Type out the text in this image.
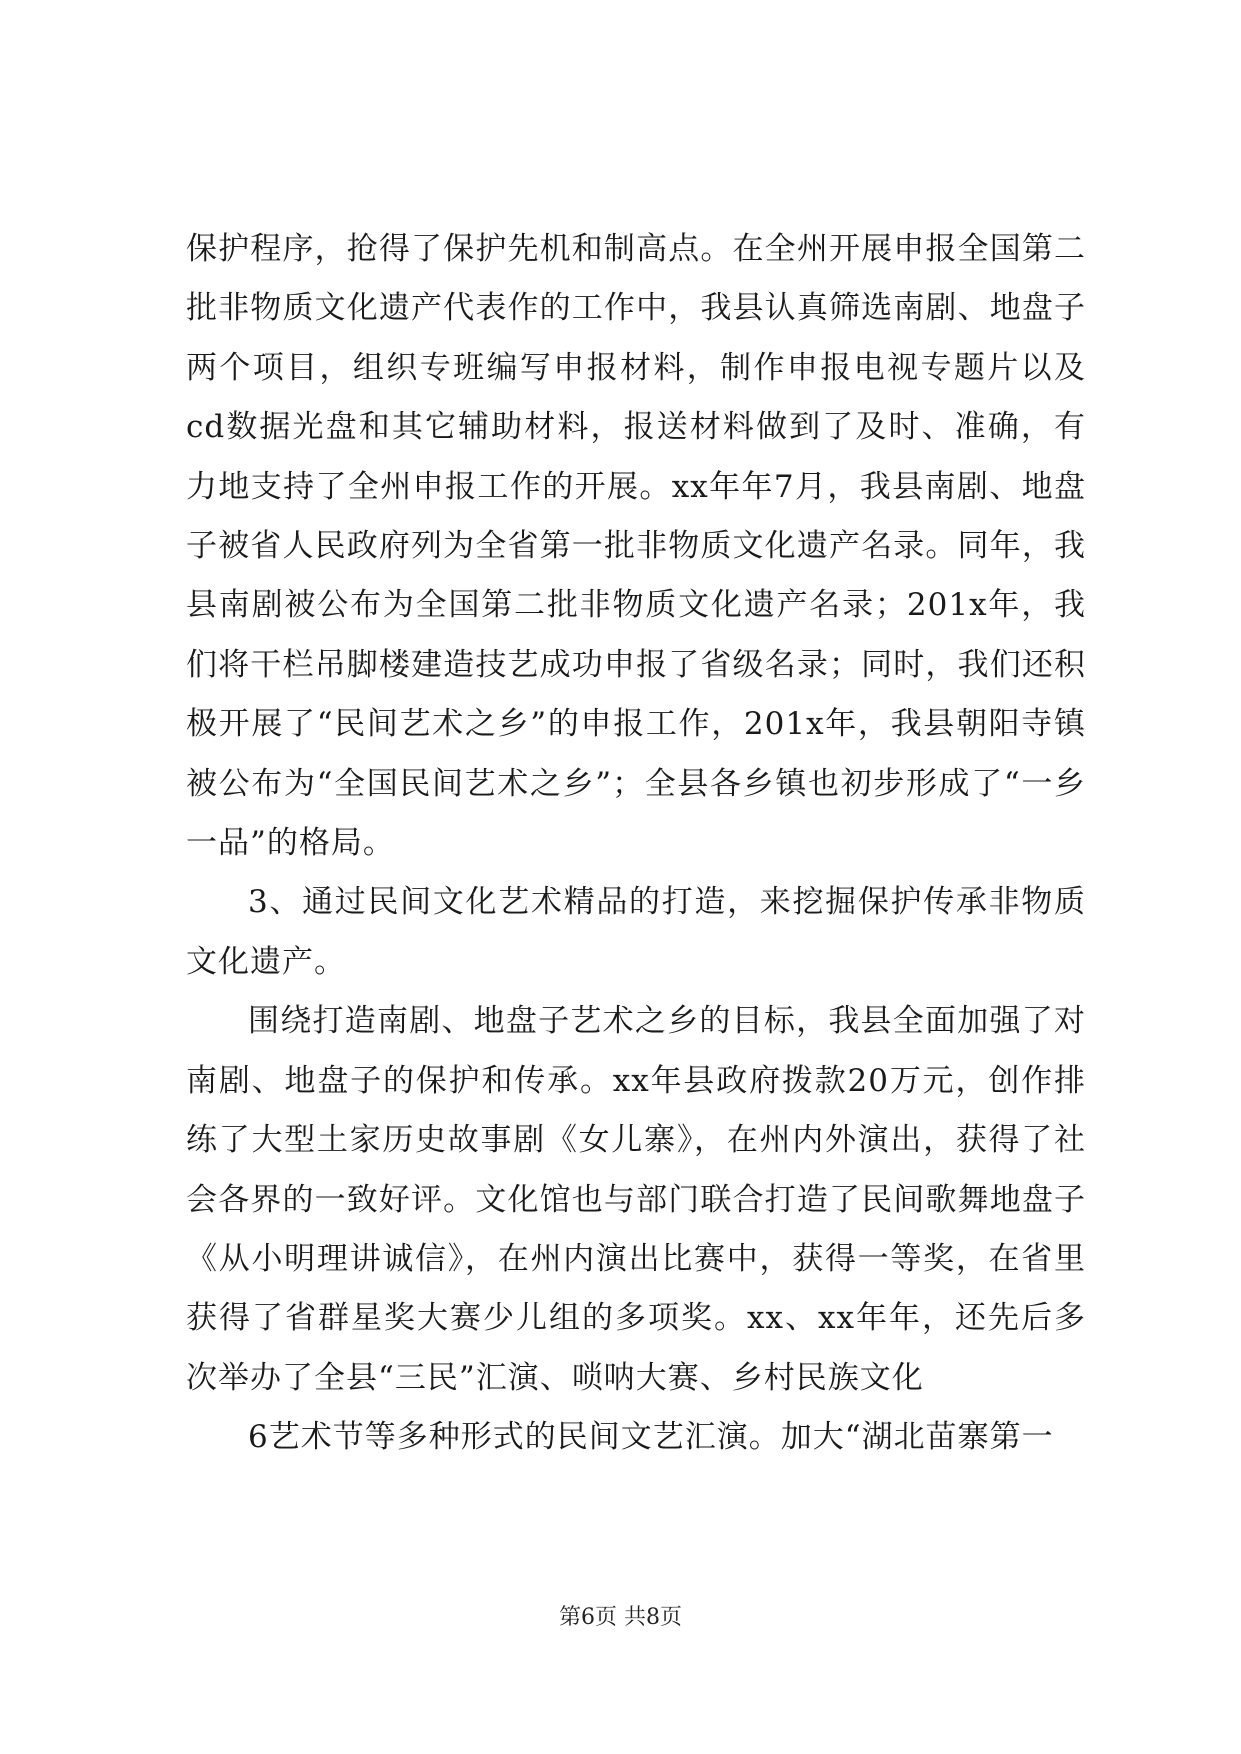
保护程序，抢得了保护先机和制高点。在全州开展申报全国第二批非物质文化遗产代表作的工作中，我县认真筛选南剧、地盘子两个项目，组织专班编写申报材料，制作申报电视专题片以及cd数据光盘和其它辅助材料，报送材料做到了及时、准确，有力地支持了全州申报工作的开展。xx年年7月，我县南剧、地盘子被省人民政府列为全省第一批非物质文化遗产名录。同年，我县南剧被公布为全国第二批非物质文化遗产名录；201x年，我们将干栏吊脚楼建造技艺成功申报了省级名录；同时，我们还积极开展了“民间艺术之乡”的申报工作，201x年，我县朝阳寺镇被公布为“全国民间艺术之乡”；全县各乡镇也初步形成了“一乡一品”的格局。

3、通过民间文化艺术精品的打造，来挖掘保护传承非物质文化遗产。

围绕打造南剧、地盘子艺术之乡的目标，我县全面加强了对南剧、地盘子的保护和传承。xx年县政府拨款20万元，创作排练了大型土家历史故事剧《女儿寨》，在州内外演出，获得了社会各界的一致好评。文化馆也与部门联合打造了民间歌舞地盘子《从小明理讲诚信》，在州内演出比赛中，获得一等奖，在省里获得了省群星奖大赛少儿组的多项奖。xx、xx年年，还先后多次举办了全县“三民”汇演、唢呐大赛、乡村民族文化

6艺术节等多种形式的民间文艺汇演。加大“湖北苗寨第一

第6页 共8页
